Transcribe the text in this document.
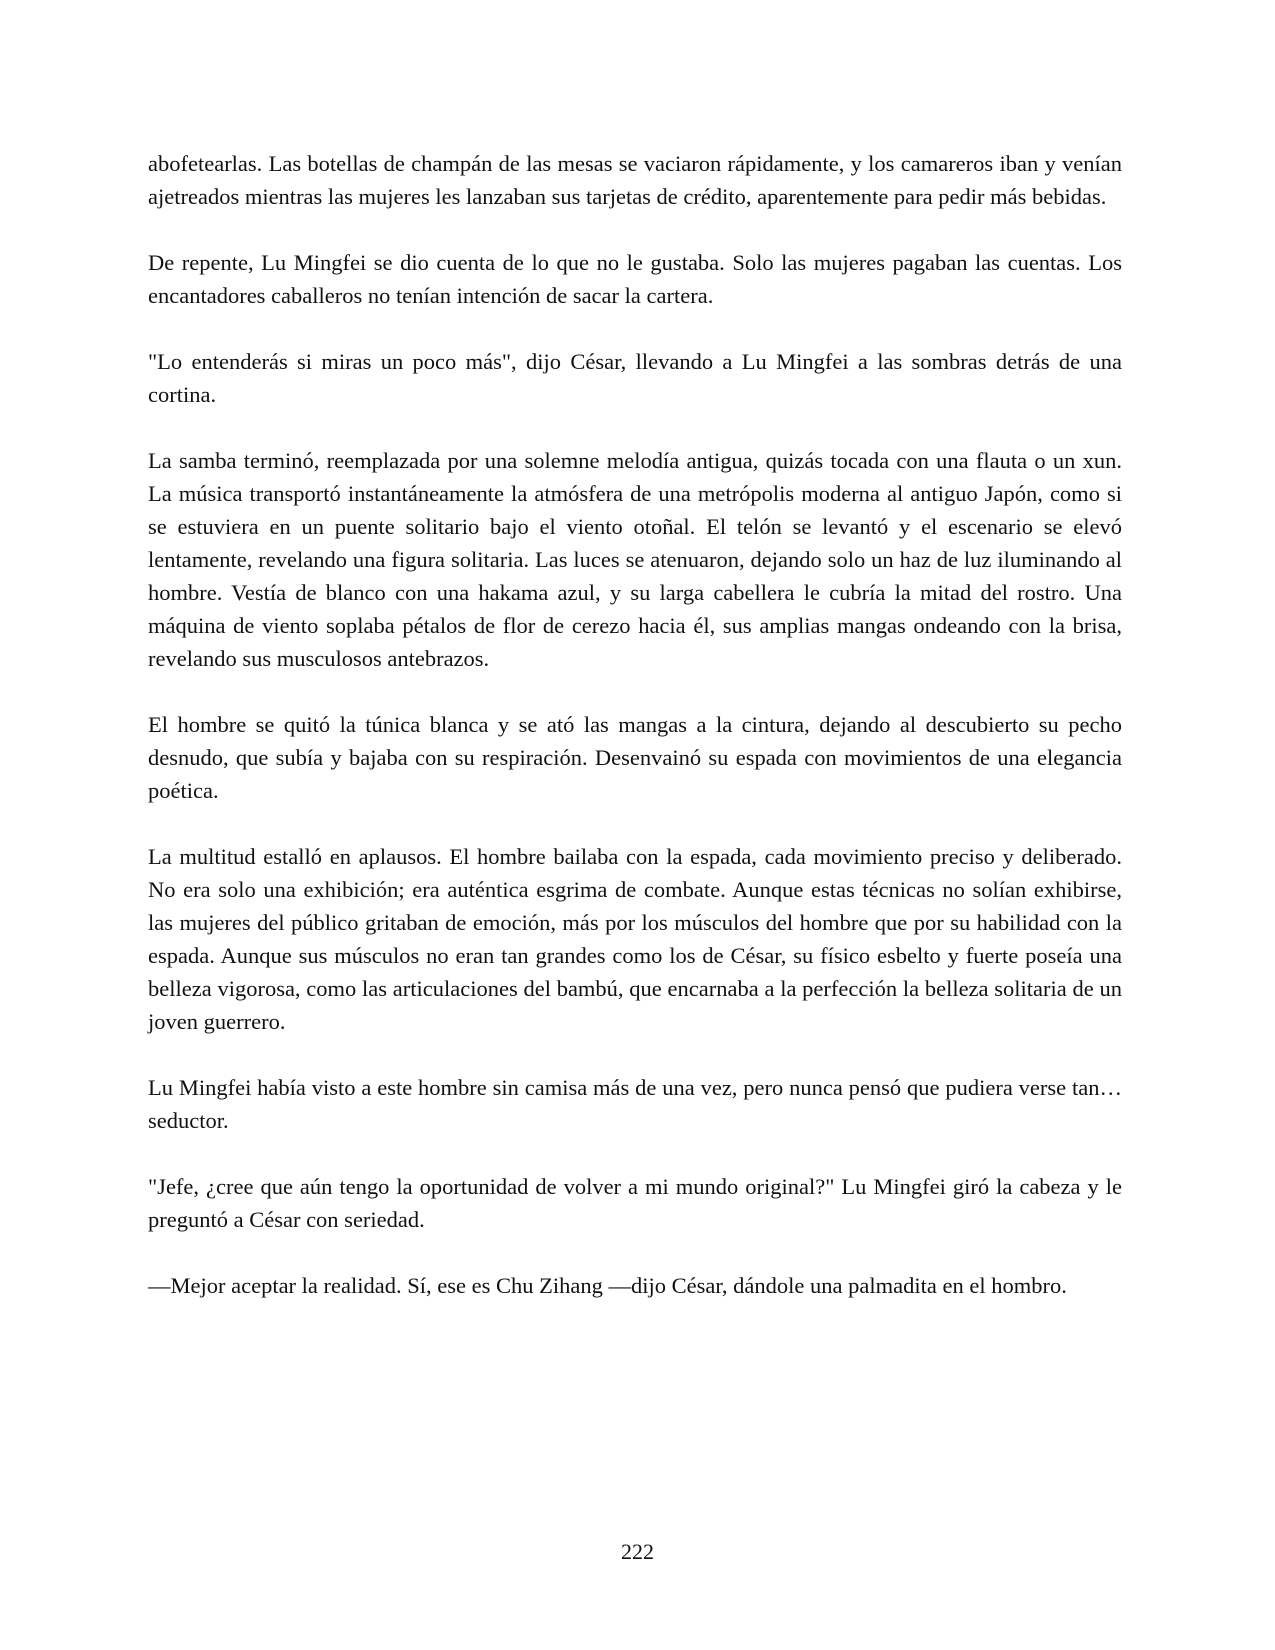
abofetearlas. Las botellas de champán de las mesas se vaciaron rápidamente, y los camareros iban y venían ajetreados mientras las mujeres les lanzaban sus tarjetas de crédito, aparentemente para pedir más bebidas.

De repente, Lu Mingfei se dio cuenta de lo que no le gustaba. Solo las mujeres pagaban las cuentas. Los encantadores caballeros no tenían intención de sacar la cartera.

"Lo entenderás si miras un poco más", dijo César, llevando a Lu Mingfei a las sombras detrás de una cortina.

La samba terminó, reemplazada por una solemne melodía antigua, quizás tocada con una flauta o un xun. La música transportó instantáneamente la atmósfera de una metrópolis moderna al antiguo Japón, como si se estuviera en un puente solitario bajo el viento otoñal. El telón se levantó y el escenario se elevó lentamente, revelando una figura solitaria. Las luces se atenuaron, dejando solo un haz de luz iluminando al hombre. Vestía de blanco con una hakama azul, y su larga cabellera le cubría la mitad del rostro. Una máquina de viento soplaba pétalos de flor de cerezo hacia él, sus amplias mangas ondeando con la brisa, revelando sus musculosos antebrazos.

El hombre se quitó la túnica blanca y se ató las mangas a la cintura, dejando al descubierto su pecho desnudo, que subía y bajaba con su respiración. Desenvainó su espada con movimientos de una elegancia poética.

La multitud estalló en aplausos. El hombre bailaba con la espada, cada movimiento preciso y deliberado. No era solo una exhibición; era auténtica esgrima de combate. Aunque estas técnicas no solían exhibirse, las mujeres del público gritaban de emoción, más por los músculos del hombre que por su habilidad con la espada. Aunque sus músculos no eran tan grandes como los de César, su físico esbelto y fuerte poseía una belleza vigorosa, como las articulaciones del bambú, que encarnaba a la perfección la belleza solitaria de un joven guerrero.

Lu Mingfei había visto a este hombre sin camisa más de una vez, pero nunca pensó que pudiera verse tan… seductor.

"Jefe, ¿cree que aún tengo la oportunidad de volver a mi mundo original?" Lu Mingfei giró la cabeza y le preguntó a César con seriedad.

—Mejor aceptar la realidad. Sí, ese es Chu Zihang —dijo César, dándole una palmadita en el hombro.

222
